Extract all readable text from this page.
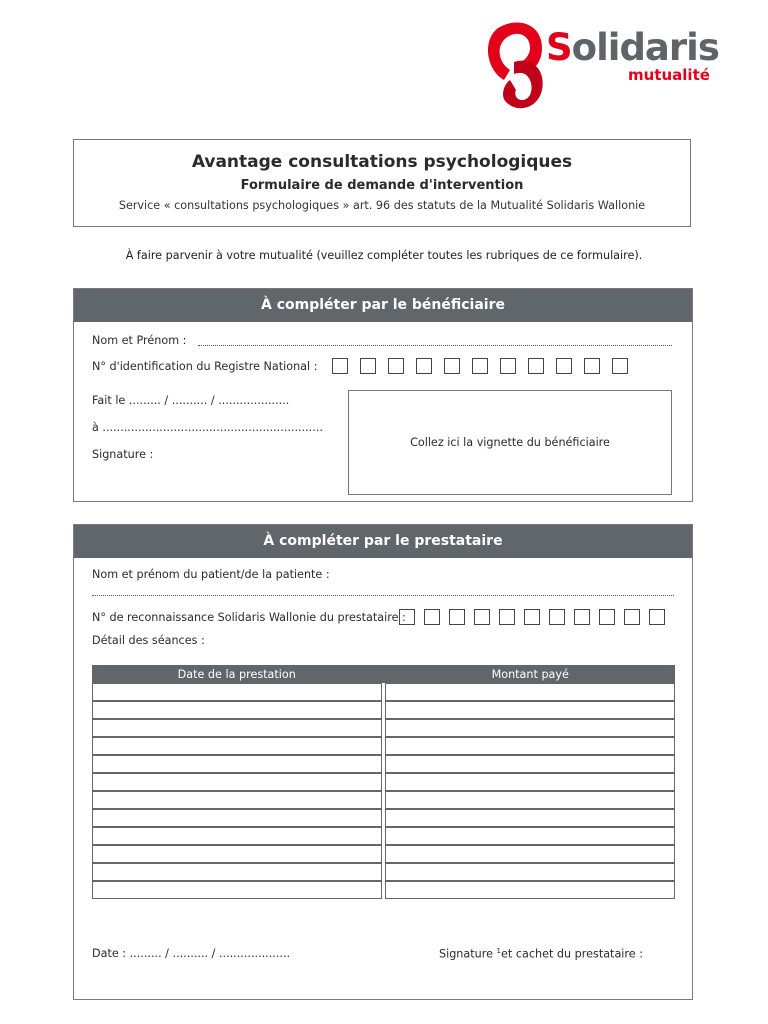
Solidaris
mutualité
Avantage consultations psychologiques
Formulaire de demande d'intervention
Service « consultations psychologiques » art. 96 des statuts de la Mutualité Solidaris Wallonie
À faire parvenir à votre mutualité (veuillez compléter toutes les rubriques de ce formulaire).
À compléter par le bénéficiaire
Nom et Prénom :
N° d'identification du Registre National :
Fait le ......... / .......... / ....................
à ..............................................................
Signature :
Collez ici la vignette du bénéficiaire
À compléter par le prestataire
Nom et prénom du patient/de la patiente :
N° de reconnaissance Solidaris Wallonie du prestataire :
Détail des séances :
Date de la prestation		Montant payé

Date : ......... / .......... / ....................	Signature $^1$et cachet du prestataire :
